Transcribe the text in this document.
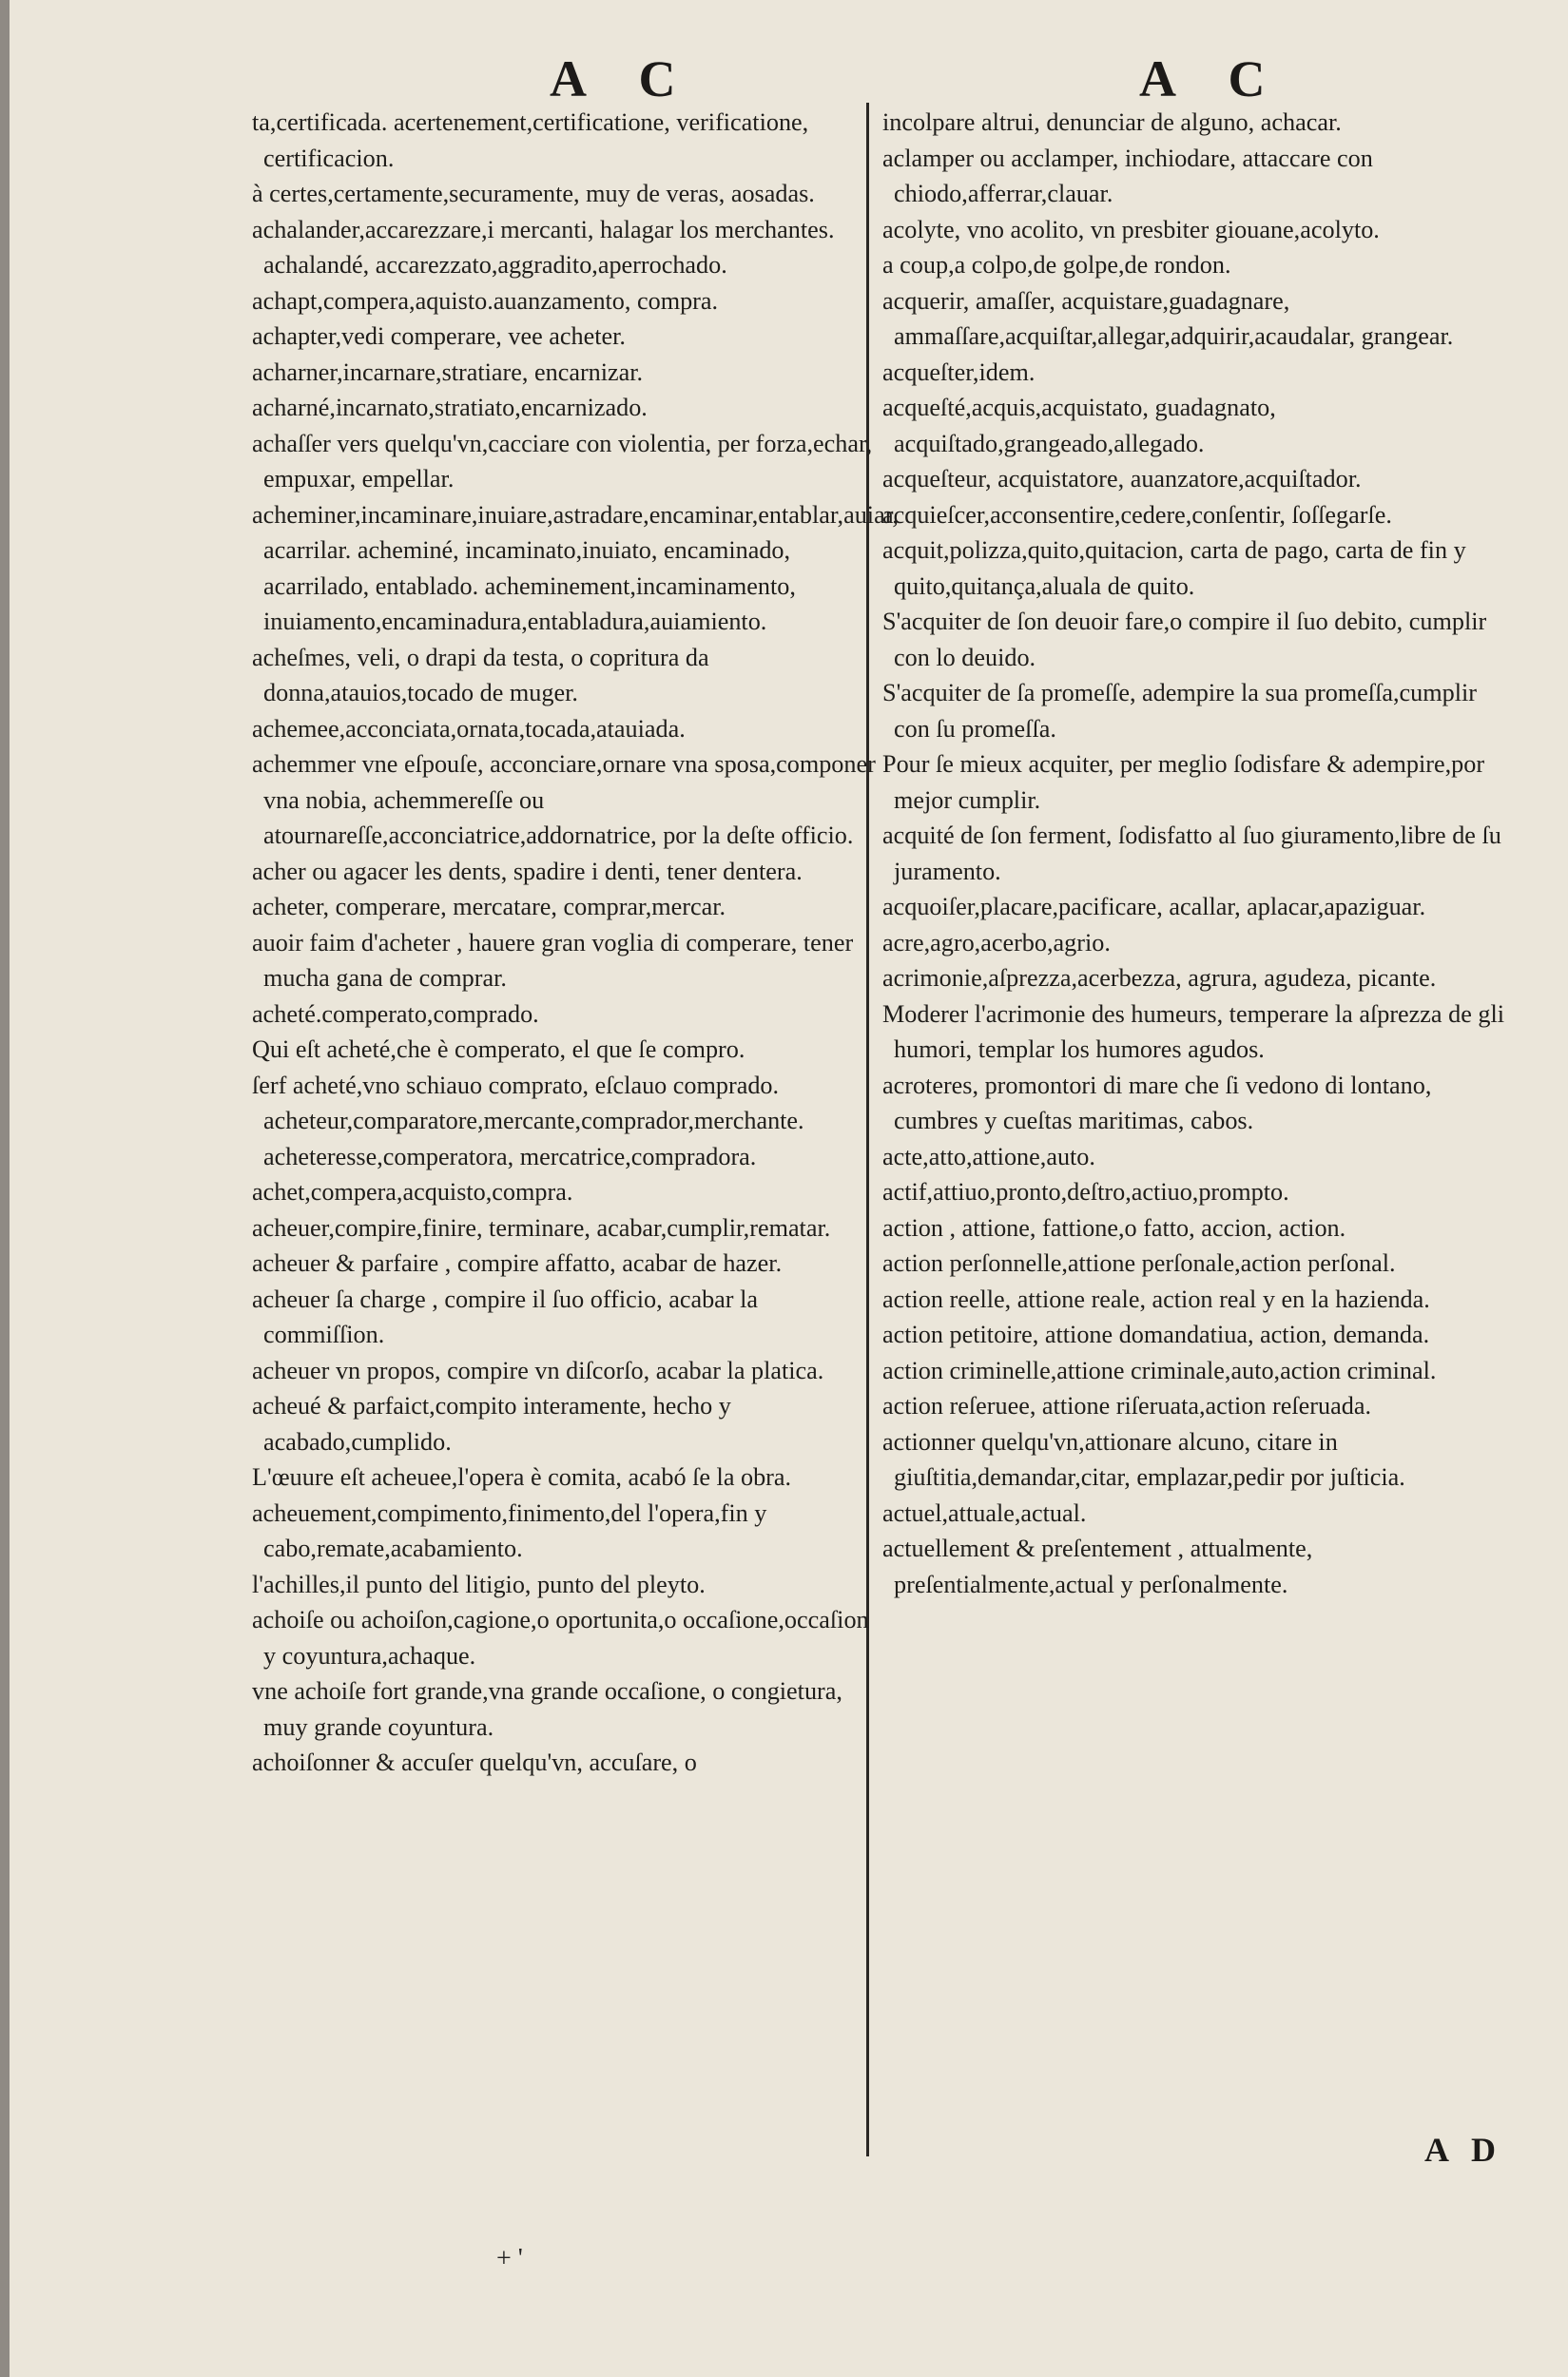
A C	A C

ta,certificada. acertenement,certificatione, verificatione, certificacion.

à certes,certamente,securamente, muy de veras, aosadas.

achalander,accarezzare,i mercanti, halagar los merchantes. achalandé, accarezzato,aggradito,aperrochado.

achapt,compera,aquisto.auanzamento, compra.

achapter,vedi comperare, vee acheter.

acharner,incarnare,stratiare, encarnizar.

acharné,incarnato,stratiato,encarnizado.

achaſſer vers quelqu'vn,cacciare con violentia, per forza,echar, empuxar, empellar.

acheminer,incaminare,inuiare,astradare,encaminar,entablar,auiar, acarrilar. acheminé, incaminato,inuiato, encaminado, acarrilado, entablado. acheminement,incaminamento, inuiamento,encaminadura,entabladura,auiamiento.

acheſmes, veli, o drapi da testa, o copritura da donna,atauios,tocado de muger.

achemee,acconciata,ornata,tocada,atauiada.

achemmer vne eſpouſe, acconciare,ornare vna sposa,componer vna nobia, achemmereſſe ou atournareſſe,acconciatrice,addornatrice, por la deſte officio.

acher ou agacer les dents, spadire i denti, tener dentera.

acheter, comperare, mercatare, comprar,mercar.

auoir faim d'acheter , hauere gran voglia di comperare, tener mucha gana de comprar.

acheté.comperato,comprado.

Qui eſt acheté,che è comperato, el que ſe compro.

ſerf acheté,vno schiauo comprato, eſclauo comprado. acheteur,comparatore,mercante,comprador,merchante. acheteresse,comperatora, mercatrice,compradora.

achet,compera,acquisto,compra.

acheuer,compire,finire, terminare, acabar,cumplir,rematar.

acheuer & parfaire , compire affatto, acabar de hazer.

acheuer ſa charge , compire il ſuo officio, acabar la commiſſion.

acheuer vn propos, compire vn diſcorſo, acabar la platica.

acheué & parfaict,compito interamente, hecho y acabado,cumplido.

L'œuure eſt acheuee,l'opera è comita, acabó ſe la obra.

acheuement,compimento,finimento,del l'opera,fin y cabo,remate,acabamiento.

l'achilles,il punto del litigio, punto del pleyto.

achoiſe ou achoiſon,cagione,o oportunita,o occaſione,occaſion y coyuntura,achaque.

vne achoiſe fort grande,vna grande occaſione, o congietura, muy grande coyuntura.

achoiſonner & accuſer quelqu'vn, accuſare, o

incolpare altrui, denunciar de alguno, achacar.

aclamper ou acclamper, inchiodare, attaccare con chiodo,afferrar,clauar.

acolyte, vno acolito, vn presbiter giouane,acolyto.

a coup,a colpo,de golpe,de rondon.

acquerir, amaſſer, acquistare,guadagnare, ammaſſare,acquiſtar,allegar,adquirir,acaudalar, grangear.

acqueſter,idem.

acqueſté,acquis,acquistato, guadagnato, acquiſtado,grangeado,allegado.

acqueſteur, acquistatore, auanzatore,acquiſtador.

acquieſcer,acconsentire,cedere,conſentir, ſoſſegarſe.

acquit,polizza,quito,quitacion, carta de pago, carta de fin y quito,quitança,aluala de quito.

S'acquiter de ſon deuoir fare,o compire il ſuo debito, cumplir con lo deuido.

S'acquiter de ſa promeſſe, adempire la sua promeſſa,cumplir con ſu promeſſa.

Pour ſe mieux acquiter, per meglio ſodisfare & adempire,por mejor cumplir.

acquité de ſon ferment, ſodisfatto al ſuo giuramento,libre de ſu juramento.

acquoiſer,placare,pacificare, acallar, aplacar,apaziguar.

acre,agro,acerbo,agrio.

acrimonie,aſprezza,acerbezza, agrura, agudeza, picante.

Moderer l'acrimonie des humeurs, temperare la aſprezza de gli humori, templar los humores agudos.

acroteres, promontori di mare che ſi vedono di lontano, cumbres y cueſtas maritimas, cabos.

acte,atto,attione,auto.

actif,attiuo,pronto,deſtro,actiuo,prompto.

action , attione, fattione,o fatto, accion, action.

action perſonnelle,attione perſonale,action perſonal.

action reelle, attione reale, action real y en la hazienda.

action petitoire, attione domandatiua, action, demanda.

action criminelle,attione criminale,auto,action criminal.

action reſeruee, attione riſeruata,action reſeruada.

actionner quelqu'vn,attionare alcuno, citare in giuſtitia,demandar,citar, emplazar,pedir por juſticia.

actuel,attuale,actual.

actuellement & preſentement , attualmente, preſentialmente,actual y perſonalmente.

A D
+ '
